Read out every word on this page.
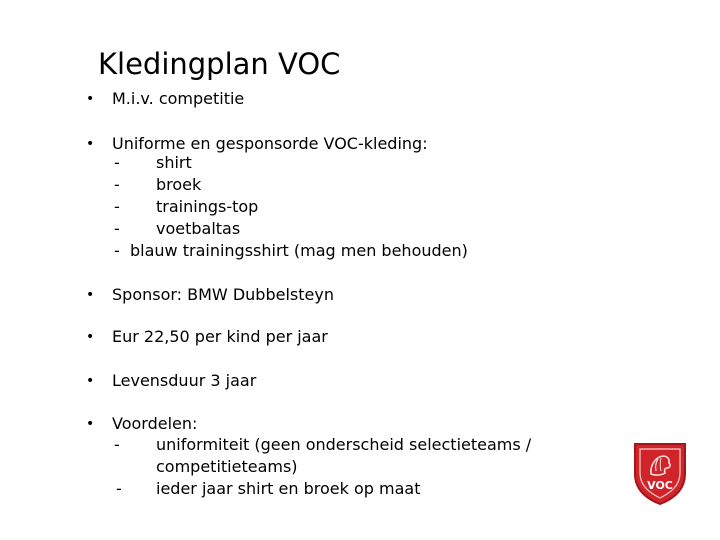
Kledingplan VOC
• M.i.v. competitie
• Uniforme en gesponsorde VOC-kleding:
- shirt
- broek
- trainings-top
- voetbaltas
- blauw trainingsshirt (mag men behouden)
• Sponsor: BMW Dubbelsteyn
• Eur 22,50 per kind per jaar
• Levensduur 3 jaar
• Voordelen:
- uniformiteit (geen onderscheid selectieteams /
competitieteams)
- ieder jaar shirt en broek op maat	VOC
